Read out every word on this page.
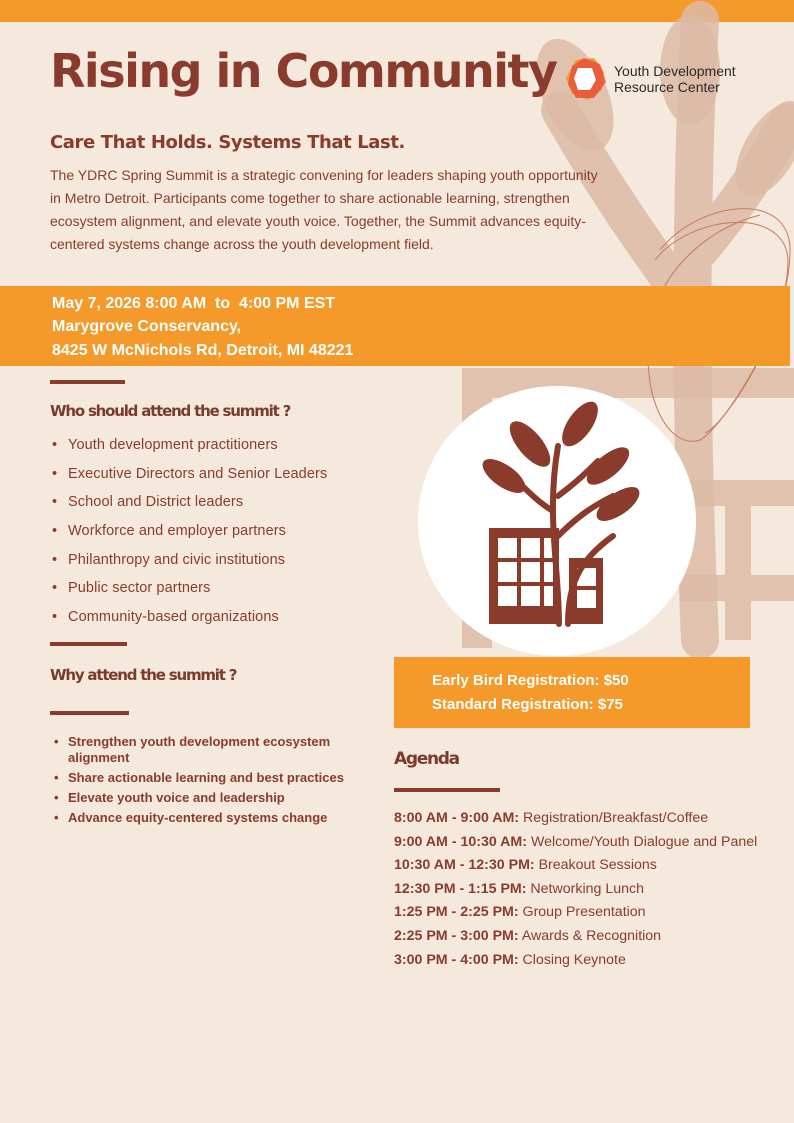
Rising in Community	Youth Development
Resource Center
Care That Holds. Systems That Last.

The YDRC Spring Summit is a strategic convening for leaders shaping youth opportunity in Metro Detroit. Participants come together to share actionable learning, strengthen ecosystem alignment, and elevate youth voice. Together, the Summit advances equity-centered systems change across the youth development field.

May 7, 2026 8:00 AM  to  4:00 PM EST
Marygrove Conservancy,
8425 W McNichols Rd, Detroit, MI 48221
Who should attend the summit ?
• Youth development practitioners
• Executive Directors and Senior Leaders
• School and District leaders
• Workforce and employer partners
• Philanthropy and civic institutions
• Public sector partners
• Community-based organizations
Why attend the summit ?
• Strengthen youth development ecosystem alignment
• Share actionable learning and best practices
• Elevate youth voice and leadership
• Advance equity-centered systems change
Early Bird Registration: $50
Standard Registration: $75
Agenda
8:00 AM - 9:00 AM: Registration/Breakfast/Coffee
9:00 AM - 10:30 AM: Welcome/Youth Dialogue and Panel
10:30 AM - 12:30 PM: Breakout Sessions
12:30 PM - 1:15 PM: Networking Lunch
1:25 PM - 2:25 PM: Group Presentation
2:25 PM - 3:00 PM: Awards & Recognition
3:00 PM - 4:00 PM: Closing Keynote
